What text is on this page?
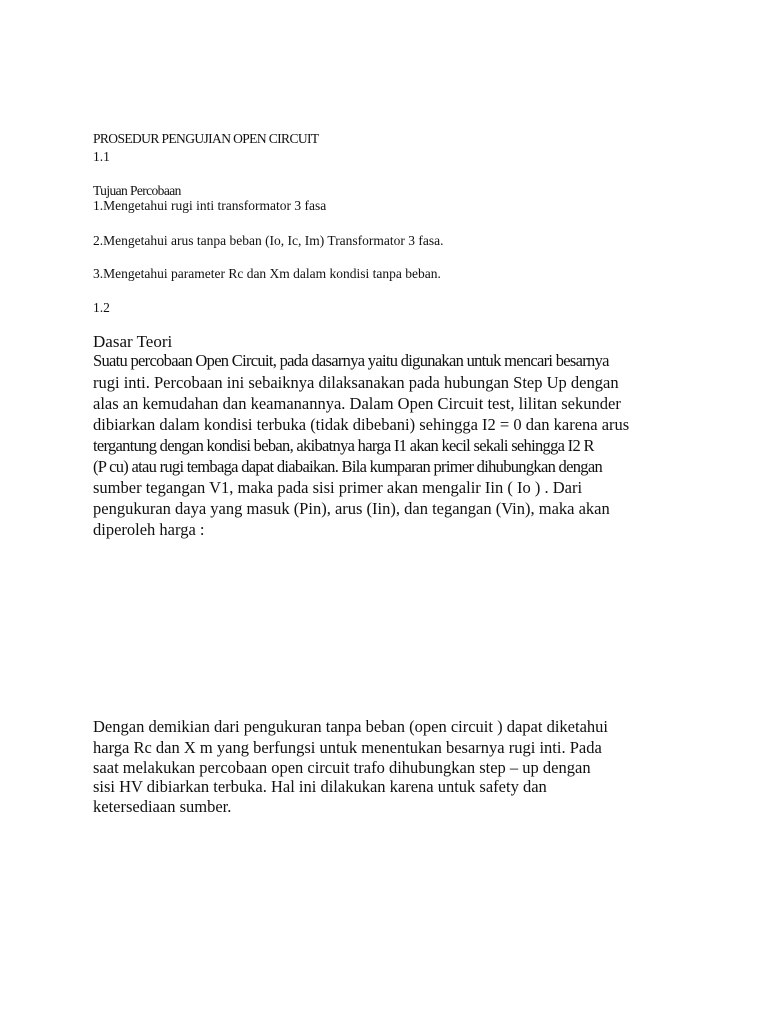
PROSEDUR PENGUJIAN OPEN CIRCUIT

1.1

Tujuan Percobaan

1.Mengetahui rugi inti transformator 3 fasa

2.Mengetahui arus tanpa beban (Io, Ic, Im) Transformator 3 fasa.

3.Mengetahui parameter Rc dan Xm dalam kondisi tanpa beban.

1.2

Dasar Teori

Suatu percobaan Open Circuit, pada dasarnya yaitu digunakan untuk mencari besarnya

rugi inti. Percobaan ini sebaiknya dilaksanakan pada hubungan Step Up dengan

alas an kemudahan dan keamanannya. Dalam Open Circuit test, lilitan sekunder

dibiarkan dalam kondisi terbuka (tidak dibebani) sehingga I2 = 0 dan karena arus

tergantung dengan kondisi beban, akibatnya harga I1 akan kecil sekali sehingga I2 R

(P cu) atau rugi tembaga dapat diabaikan. Bila kumparan primer dihubungkan dengan

sumber tegangan V1, maka pada sisi primer akan mengalir Iin ( Io ) . Dari

pengukuran daya yang masuk (Pin), arus (Iin), dan tegangan (Vin), maka akan

diperoleh harga :

Dengan demikian dari pengukuran tanpa beban (open circuit ) dapat diketahui

harga Rc dan X m yang berfungsi untuk menentukan besarnya rugi inti. Pada

saat melakukan percobaan open circuit trafo dihubungkan step – up dengan

sisi HV dibiarkan terbuka. Hal ini dilakukan karena untuk safety dan

ketersediaan sumber.
